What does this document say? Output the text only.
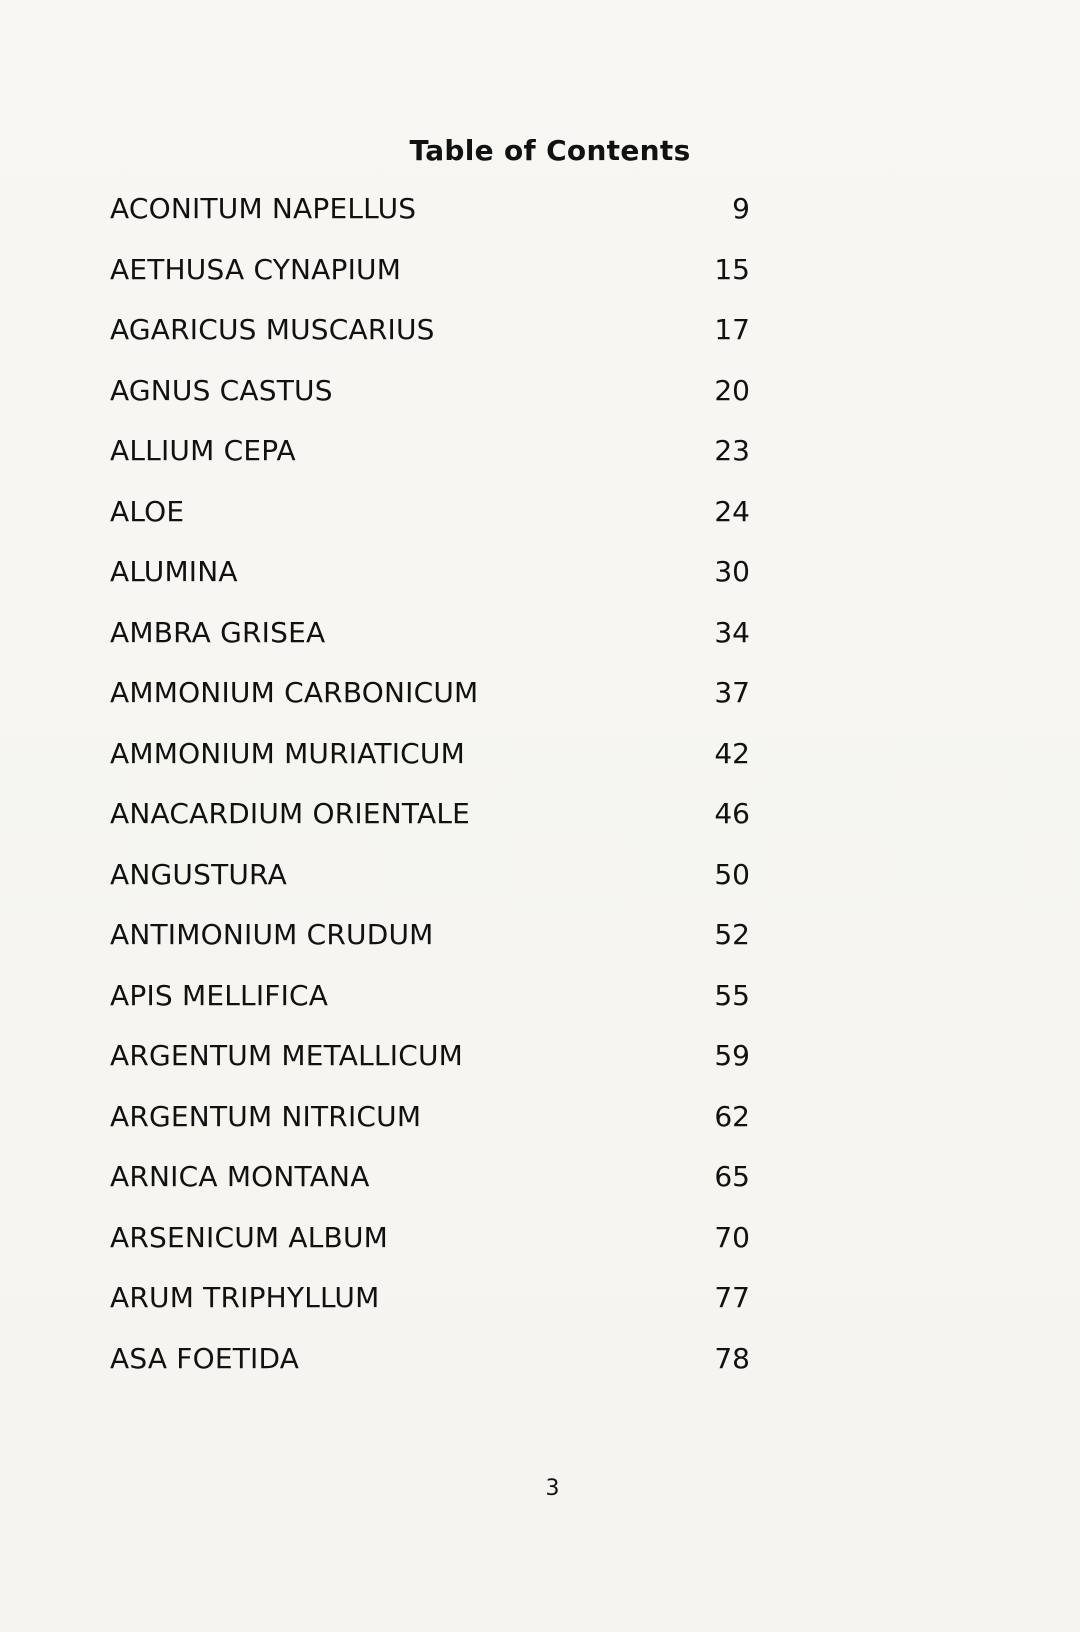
Table of Contents
ACONITUM NAPELLUS	9
AETHUSA CYNAPIUM	15
AGARICUS MUSCARIUS	17
AGNUS CASTUS	20
ALLIUM CEPA	23
ALOE	24
ALUMINA	30
AMBRA GRISEA	34
AMMONIUM CARBONICUM	37
AMMONIUM MURIATICUM	42
ANACARDIUM ORIENTALE	46
ANGUSTURA	50
ANTIMONIUM CRUDUM	52
APIS MELLIFICA	55
ARGENTUM METALLICUM	59
ARGENTUM NITRICUM	62
ARNICA MONTANA	65
ARSENICUM ALBUM	70
ARUM TRIPHYLLUM	77
ASA FOETIDA	78
3
